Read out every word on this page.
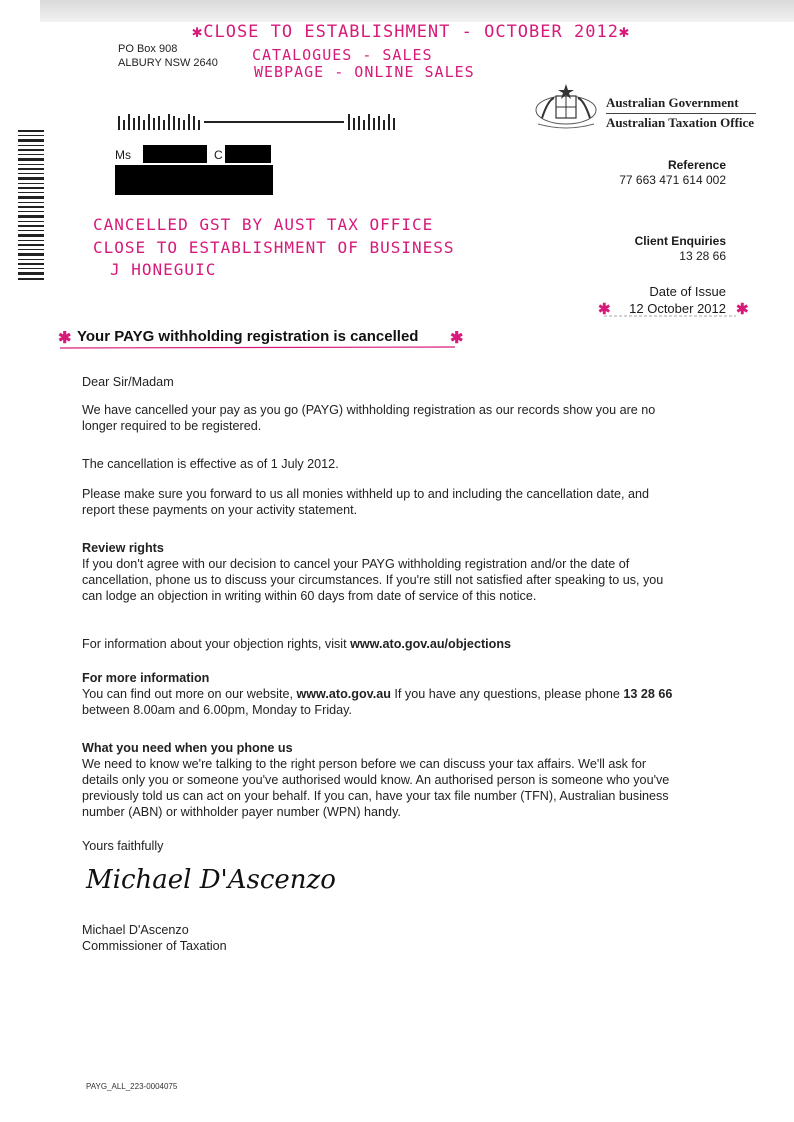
PO Box 908
ALBURY NSW 2640
✱CLOSE TO ESTABLISHMENT - OCTOBER 2012✱
CATALOGUES - SALES
WEBPAGE - ONLINE SALES
Australian Government
Australian Taxation Office
Ms	C
Reference
77 663 471 614 002
Client Enquiries
13 28 66
Date of Issue
12 October 2012
✱	✱
CANCELLED GST BY AUST TAX OFFICE
CLOSE TO ESTABLISHMENT OF BUSINESS
J HONEGUIC
✱ Your PAYG withholding registration is cancelled ✱

Dear Sir/Madam

We have cancelled your pay as you go (PAYG) withholding registration as our records show you are no longer required to be registered.

The cancellation is effective as of 1 July 2012.

Please make sure you forward to us all monies withheld up to and including the cancellation date, and report these payments on your activity statement.

Review rights

If you don't agree with our decision to cancel your PAYG withholding registration and/or the date of cancellation, phone us to discuss your circumstances. If you're still not satisfied after speaking to us, you can lodge an objection in writing within 60 days from date of service of this notice.

For information about your objection rights, visit www.ato.gov.au/objections

For more information

You can find out more on our website, www.ato.gov.au If you have any questions, please phone 13 28 66 between 8.00am and 6.00pm, Monday to Friday.

What you need when you phone us

We need to know we're talking to the right person before we can discuss your tax affairs. We'll ask for details only you or someone you've authorised would know. An authorised person is someone who you've previously told us can act on your behalf. If you can, have your tax file number (TFN), Australian business number (ABN) or withholder payer number (WPN) handy.

Yours faithfully

Michael D'Ascenzo

Michael D'Ascenzo

Commissioner of Taxation

PAYG_ALL_223-0004075
